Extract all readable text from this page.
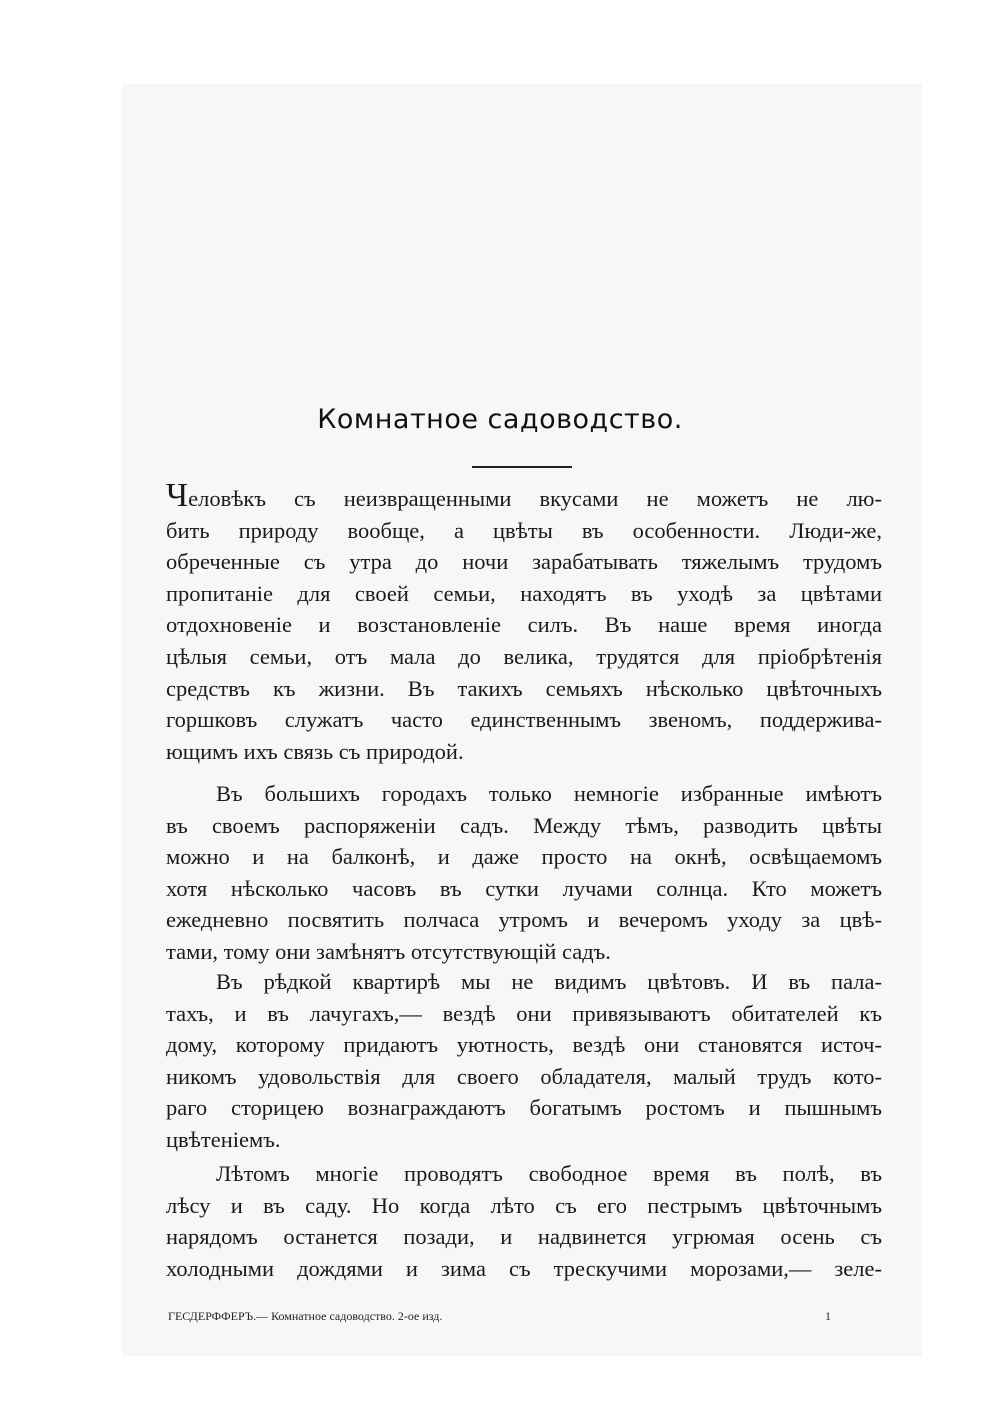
Комнатное садоводство.
Человѣкъ съ неизвращенными вкусами не можетъ не лю-
бить природу вообще, а цвѣты въ особенности. Люди-же,
обреченные съ утра до ночи зарабатывать тяжелымъ трудомъ
пропитаніе для своей семьи, находятъ въ уходѣ за цвѣтами
отдохновеніе и возстановленіе силъ. Въ наше время иногда
цѣлыя семьи, отъ мала до велика, трудятся для пріобрѣтенія
средствъ къ жизни. Въ такихъ семьяхъ нѣсколько цвѣточныхъ
горшковъ служатъ часто единственнымъ звеномъ, поддержива-
ющимъ ихъ связь съ природой.
Въ большихъ городахъ только немногіе избранные имѣютъ
въ своемъ распоряженіи садъ. Между тѣмъ, разводить цвѣты
можно и на балконѣ, и даже просто на окнѣ, освѣщаемомъ
хотя нѣсколько часовъ въ сутки лучами солнца. Кто можетъ
ежедневно посвятить полчаса утромъ и вечеромъ уходу за цвѣ-
тами, тому они замѣнятъ отсутствующій садъ.
Въ рѣдкой квартирѣ мы не видимъ цвѣтовъ. И въ пала-
тахъ, и въ лачугахъ,— вездѣ они привязываютъ обитателей къ
дому, которому придаютъ уютность, вездѣ они становятся источ-
никомъ удовольствія для своего обладателя, малый трудъ кото-
раго сторицею вознаграждаютъ богатымъ ростомъ и пышнымъ
цвѣтеніемъ.
Лѣтомъ многіе проводятъ свободное время въ полѣ, въ
лѣсу и въ саду. Но когда лѣто съ его пестрымъ цвѣточнымъ
нарядомъ останется позади, и надвинется угрюмая осень съ
холодными дождями и зима съ трескучими морозами,— зеле-
ГЕСДЕРФФЕРЪ.— Комнатное садоводство. 2-ое изд.	1
